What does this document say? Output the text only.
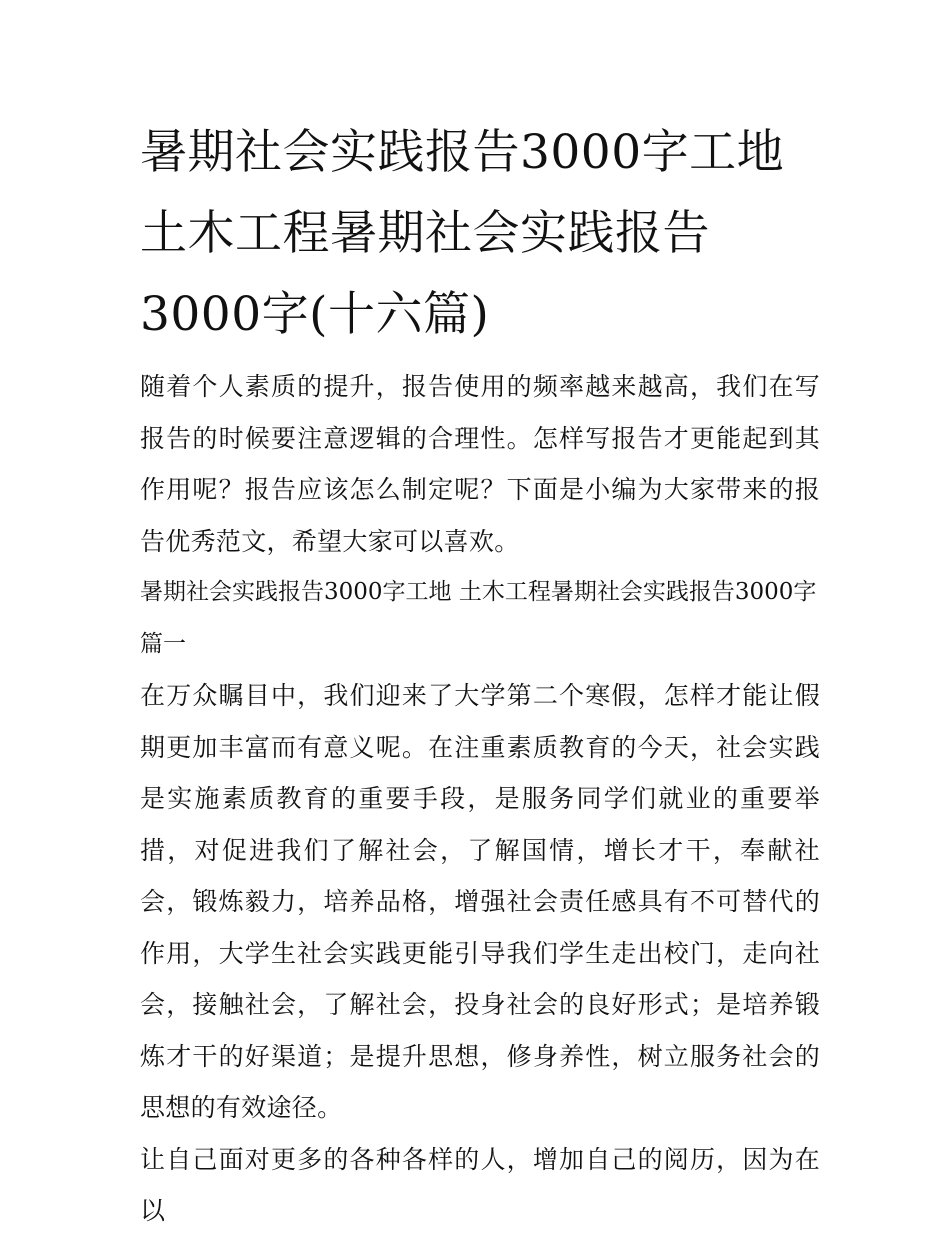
暑期社会实践报告3000字工地 土木工程暑期社会实践报告3000字(十六篇)

随着个人素质的提升，报告使用的频率越来越高，我们在写报告的时候要注意逻辑的合理性。怎样写报告才更能起到其作用呢？报告应该怎么制定呢？下面是小编为大家带来的报告优秀范文，希望大家可以喜欢。

暑期社会实践报告3000字工地 土木工程暑期社会实践报告3000字篇一

在万众瞩目中，我们迎来了大学第二个寒假，怎样才能让假期更加丰富而有意义呢。在注重素质教育的今天，社会实践是实施素质教育的重要手段，是服务同学们就业的重要举措，对促进我们了解社会，了解国情，增长才干，奉献社会，锻炼毅力，培养品格，增强社会责任感具有不可替代的作用，大学生社会实践更能引导我们学生走出校门，走向社会，接触社会，了解社会，投身社会的良好形式；是培养锻炼才干的好渠道；是提升思想，修身养性，树立服务社会的思想的有效途径。

让自己面对更多的各种各样的人，增加自己的阅历，因为在以
